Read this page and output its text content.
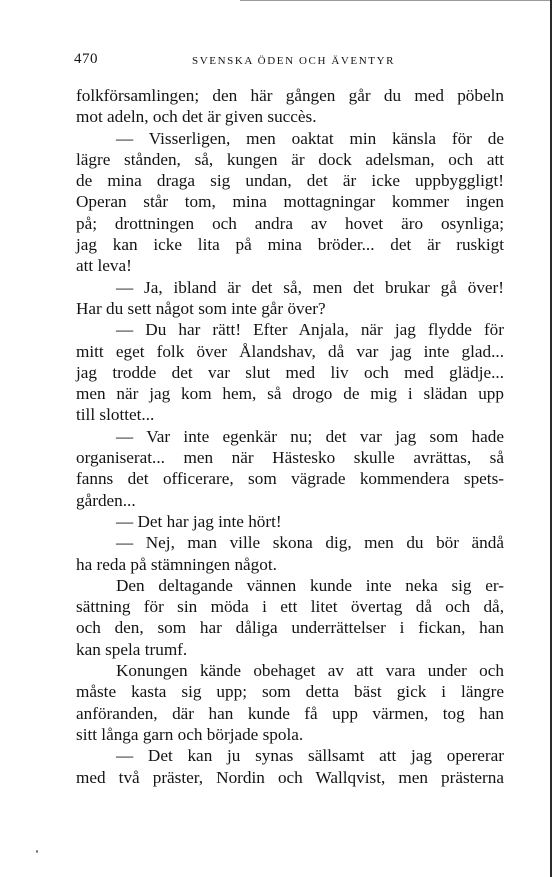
470	SVENSKA ÖDEN OCH ÄVENTYR
folkförsamlingen; den här gången går du med pöbeln
mot adeln, och det är given succès.
— Visserligen, men oaktat min känsla för de
lägre stånden, så, kungen är dock adelsman, och att
de mina draga sig undan, det är icke uppbyggligt!
Operan står tom, mina mottagningar kommer ingen
på; drottningen och andra av hovet äro osynliga;
jag kan icke lita på mina bröder... det är ruskigt
att leva!
— Ja, ibland är det så, men det brukar gå över!
Har du sett något som inte går över?
— Du har rätt! Efter Anjala, när jag flydde för
mitt eget folk över Ålandshav, då var jag inte glad...
jag trodde det var slut med liv och med glädje...
men när jag kom hem, så drogo de mig i slädan upp
till slottet...
— Var inte egenkär nu; det var jag som hade
organiserat... men när Hästesko skulle avrättas, så
fanns det officerare, som vägrade kommendera spets-
gården...
— Det har jag inte hört!
— Nej, man ville skona dig, men du bör ändå
ha reda på stämningen något.
Den deltagande vännen kunde inte neka sig er-
sättning för sin möda i ett litet övertag då och då,
och den, som har dåliga underrättelser i fickan, han
kan spela trumf.
Konungen kände obehaget av att vara under och
måste kasta sig upp; som detta bäst gick i längre
anföranden, där han kunde få upp värmen, tog han
sitt långa garn och började spola.
— Det kan ju synas sällsamt att jag opererar
med två präster, Nordin och Wallqvist, men prästerna
